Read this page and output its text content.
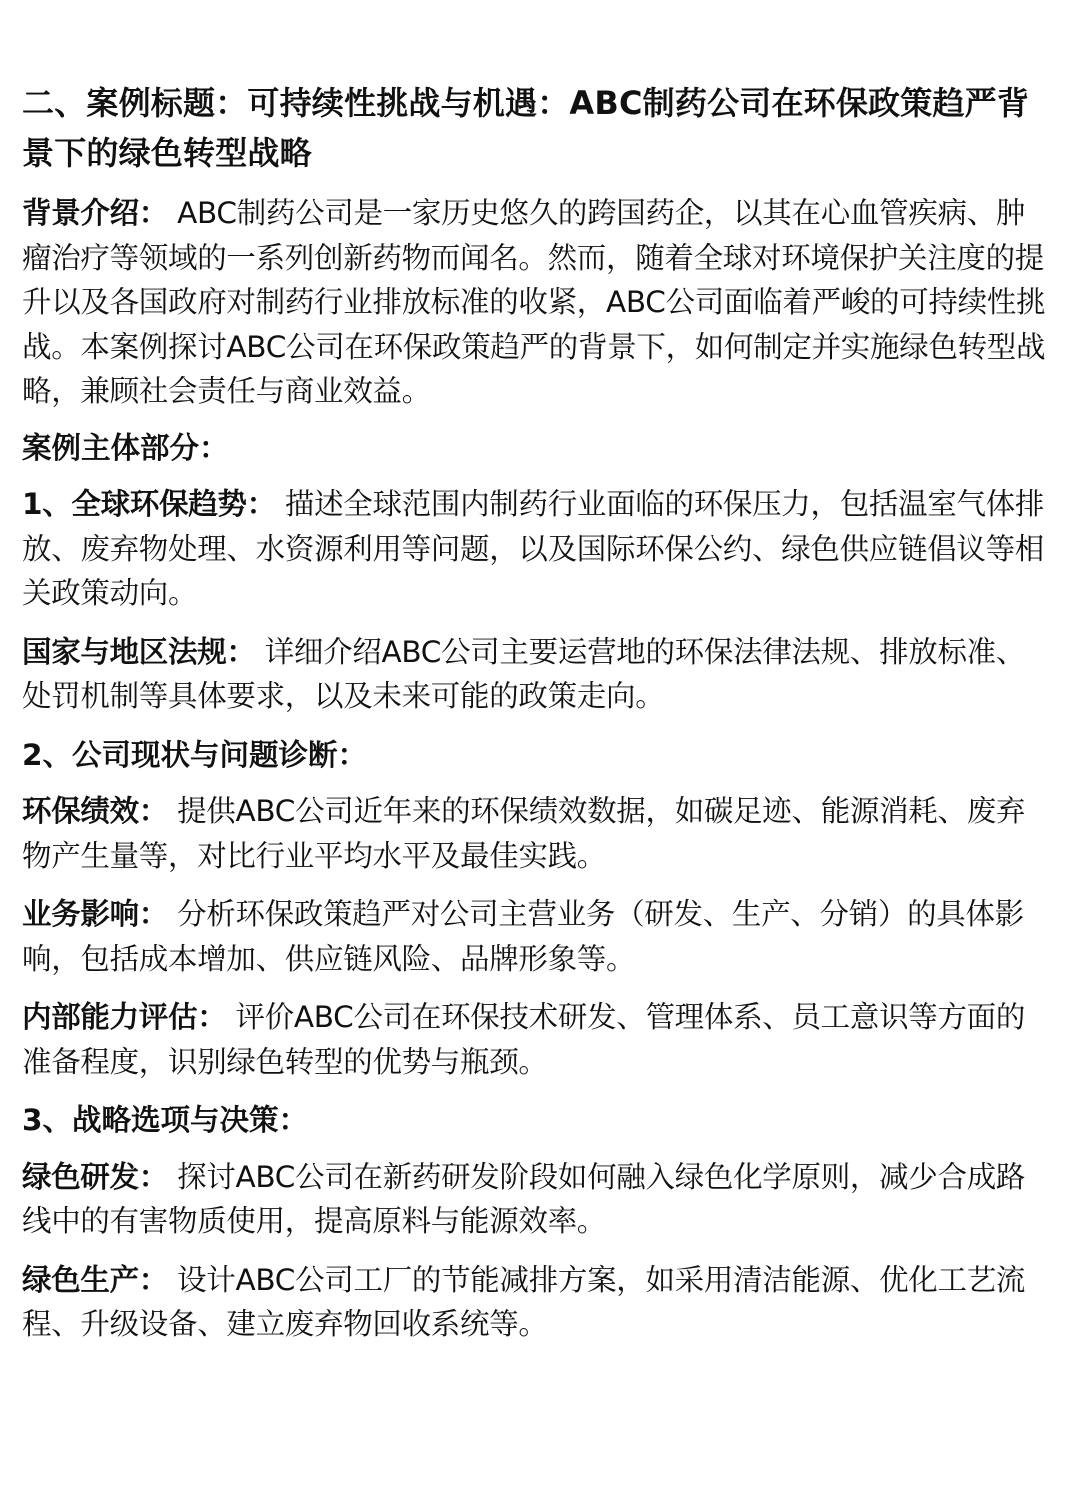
二、案例标题：可持续性挑战与机遇：ABC制药公司在环保政策趋严背景下的绿色转型战略

背景介绍： ABC制药公司是一家历史悠久的跨国药企，以其在心血管疾病、肿瘤治疗等领域的一系列创新药物而闻名。然而，随着全球对环境保护关注度的提升以及各国政府对制药行业排放标准的收紧，ABC公司面临着严峻的可持续性挑战。本案例探讨ABC公司在环保政策趋严的背景下，如何制定并实施绿色转型战略，兼顾社会责任与商业效益。

案例主体部分：

1、全球环保趋势： 描述全球范围内制药行业面临的环保压力，包括温室气体排放、废弃物处理、水资源利用等问题，以及国际环保公约、绿色供应链倡议等相关政策动向。

国家与地区法规： 详细介绍ABC公司主要运营地的环保法律法规、排放标准、处罚机制等具体要求，以及未来可能的政策走向。

2、公司现状与问题诊断：

环保绩效： 提供ABC公司近年来的环保绩效数据，如碳足迹、能源消耗、废弃物产生量等，对比行业平均水平及最佳实践。

业务影响： 分析环保政策趋严对公司主营业务（研发、生产、分销）的具体影响，包括成本增加、供应链风险、品牌形象等。

内部能力评估： 评价ABC公司在环保技术研发、管理体系、员工意识等方面的准备程度，识别绿色转型的优势与瓶颈。

3、战略选项与决策：

绿色研发： 探讨ABC公司在新药研发阶段如何融入绿色化学原则，减少合成路线中的有害物质使用，提高原料与能源效率。

绿色生产： 设计ABC公司工厂的节能减排方案，如采用清洁能源、优化工艺流程、升级设备、建立废弃物回收系统等。
